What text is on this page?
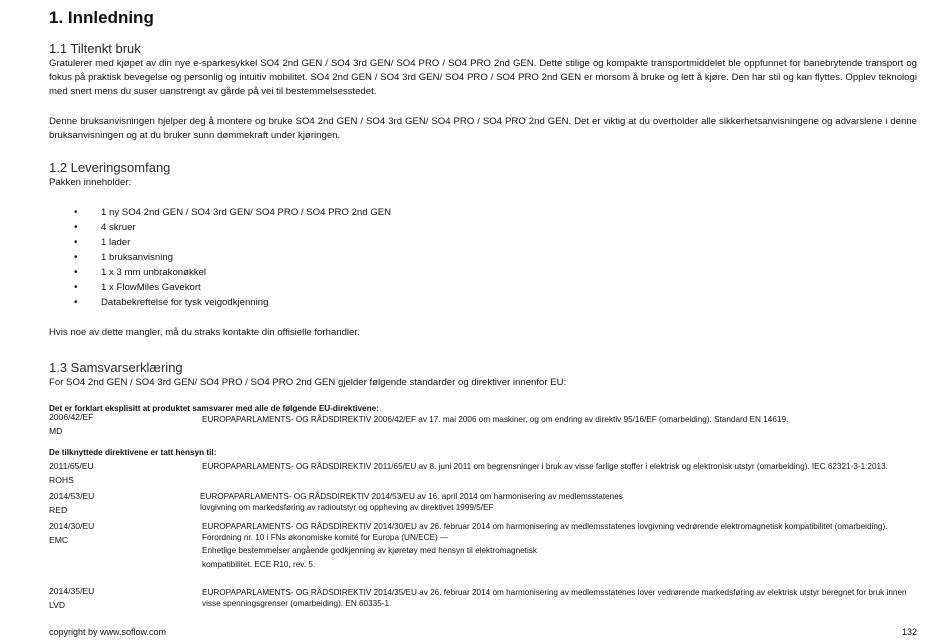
1. Innledning
1.1 Tiltenkt bruk

Gratulerer med kjøpet av din nye e-sparkesykkel SO4 2nd GEN / SO4 3rd GEN/ SO4 PRO / SO4 PRO 2nd GEN. Dette stilige og kompakte transportmiddelet ble oppfunnet for banebrytende transport og fokus på praktisk bevegelse og personlig og intuitiv mobilitet. SO4 2nd GEN / SO4 3rd GEN/ SO4 PRO / SO4 PRO 2nd GEN er morsom å bruke og lett å kjøre. Den har stil og kan flyttes. Opplev teknologi med snert mens du suser uanstrengt av gårde på vei til bestemmelsesstedet.

Denne bruksanvisningen hjelper deg å montere og bruke SO4 2nd GEN / SO4 3rd GEN/ SO4 PRO / SO4 PRO 2nd GEN. Det er viktig at du overholder alle sikkerhetsanvisningene og advarslene i denne bruksanvisningen og at du bruker sunn dømmekraft under kjøringen.

1.2 Leveringsomfang

Pakken inneholder:

• 1 ny SO4 2nd GEN / SO4 3rd GEN/ SO4 PRO / SO4 PRO 2nd GEN
• 4 skruer
• 1 lader
• 1 bruksanvisning
• 1 x 3 mm unbrakonøkkel
• 1 x FlowMiles Gavekort
• Databekreftelse for tysk veigodkjenning

Hvis noe av dette mangler, må du straks kontakte din offisielle forhandler.

1.3 Samsvarserklæring

For SO4 2nd GEN / SO4 3rd GEN/ SO4 PRO / SO4 PRO 2nd GEN gjelder følgende standarder og direktiver innenfor EU:

Det er forklart eksplisitt at produktet samsvarer med alle de følgende EU-direktivene:
2006/42/EF
MD
EUROPAPARLAMENTS- OG RÅDSDIREKTIV 2006/42/EF av 17. mai 2006 om maskiner, og om endring av direktiv 95/16/EF (omarbeiding). Standard EN 14619.
De tilknyttede direktivene er tatt hensyn til:
2011/65/EU
ROHS
EUROPAPARLAMENTS- OG RÅDSDIREKTIV 2011/65/EU av 8. juni 2011 om begrensninger i bruk av visse farlige stoffer i elektrisk og elektronisk utstyr (omarbeiding). IEC 62321-3-1:2013.
2014/53/EU
RED
EUROPAPARLAMENTS- OG RÅDSDIREKTIV 2014/53/EU av 16. april 2014 om harmonisering av medlemsstatenes
lovgivning om markedsføring av radioutstyr og oppheving av direktivet 1999/5/EF
2014/30/EU
EMC
EUROPAPARLAMENTS- OG RÅDSDIREKTIV 2014/30/EU av 26. februar 2014 om harmonisering av medlemsstatenes lovgivning vedrørende elektromagnetisk kompatibilitet (omarbeiding). Forordning nr. 10 i FNs økonomiske komité for Europa (UN/ECE) —
Enhetlige bestemmelser angående godkjenning av kjøretøy med hensyn til elektromagnetisk
kompatibilitet. ECE R10, rev. 5.
2014/35/EU
LVD
EUROPAPARLAMENTS- OG RÅDSDIREKTIV 2014/35/EU av 26. februar 2014 om harmonisering av medlemsstatenes lover vedrørende markedsføring av elektrisk utstyr beregnet for bruk innen visse spenningsgrenser (omarbeiding). EN 60335-1.
copyright by www.soflow.com	132
